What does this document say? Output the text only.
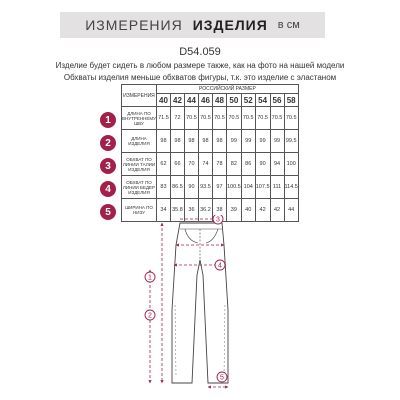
ИЗМЕРЕНИЯ ИЗДЕЛИЯ в см
D54.059
Изделие будет сидеть в любом размере также, как на фото на нашей модели
Обхваты изделия меньше обхватов фигуры, т.к. это изделие с эластаном
1
2
3
4
5
ИЗМЕРЕНИЯ	РОССИЙСКИЙ РАЗМЕР									
	40	42	44	46	48	50	52	54	56	58
ДЛИНА ПО ВНУТРЕННЕМУ ШВУ	71.5	72	70.5	70.5	70.5	70.5	70.5	70.5	70.5	70.5
ДЛИНА ИЗДЕЛИЯ	98	98	98	98	98	99	99	99	99	99.5
ОБХВАТ ПО ЛИНИИ ТАЛИИ ИЗДЕЛИЯ	62	66	70	74	78	82	86	90	94	100
ОБХВАТ ПО ЛИНИИ БЕДЕР ИЗДЕЛИЯ	83	86.5	90	93.5	97	100.5	104	107.5	111	114.5
ШИРИНА ПО НИЗУ	34	35.8	36	36.2	38	39	40	42	42	44
1
2
3
4
5
